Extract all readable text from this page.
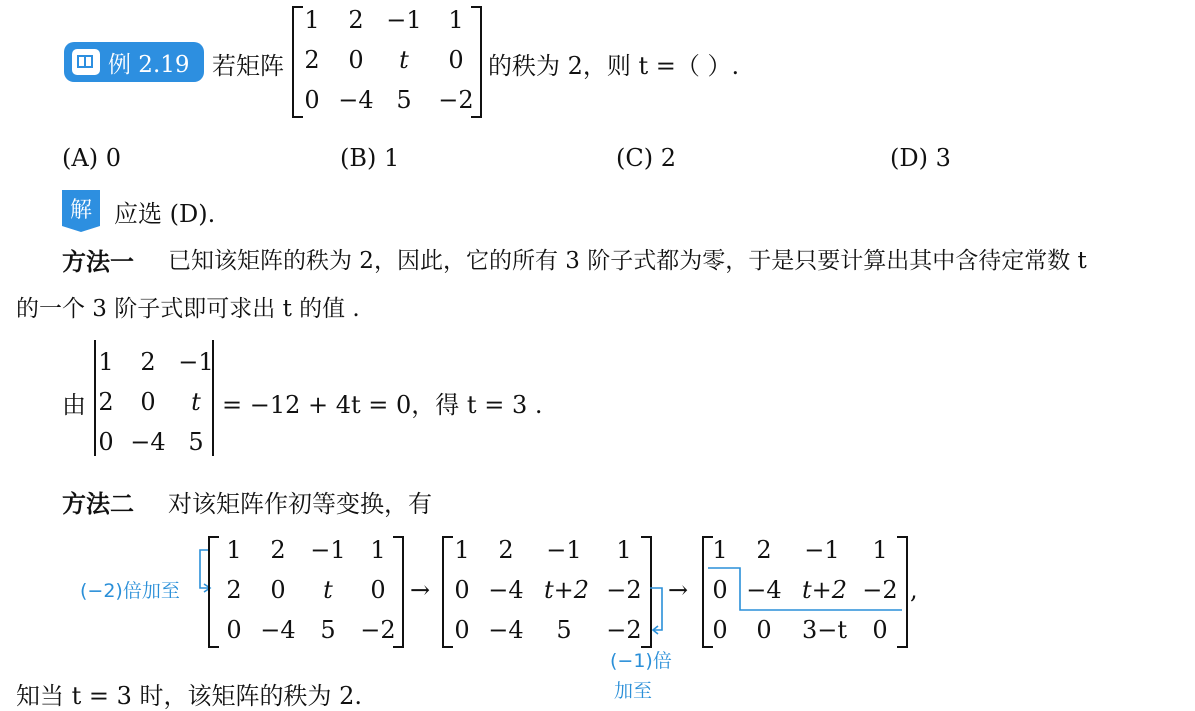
例 2.19 若矩阵
1	2 −1	1
2	0	t	0
0 −4 5	−2
的秩为 2，则 t =（ ）.
(A) 0	(B) 1	(C) 2	(D) 3
解 应选 (D).
方法一 已知该矩阵的秩为 2，因此，它的所有 3 阶子式都为零，于是只要计算出其中含待定常数 t
的一个 3 阶子式即可求出 t 的值 .
由
1	2 −1
2	0	t
0 −4 5
= −12 + 4t = 0，得 t = 3 .
方法二 对该矩阵作初等变换，有
(−2)倍加至
1	2	−1	1
2	0	t	0
0 −4	5	−2
→
1	2	−1	1
0 −4 t+2 −2
0 −4	5	−2
(−1)倍
加至
→
1	2	−1	1
0 −4 t+2 −2
0	0	3−t	0
,
知当 t = 3 时，该矩阵的秩为 2.
